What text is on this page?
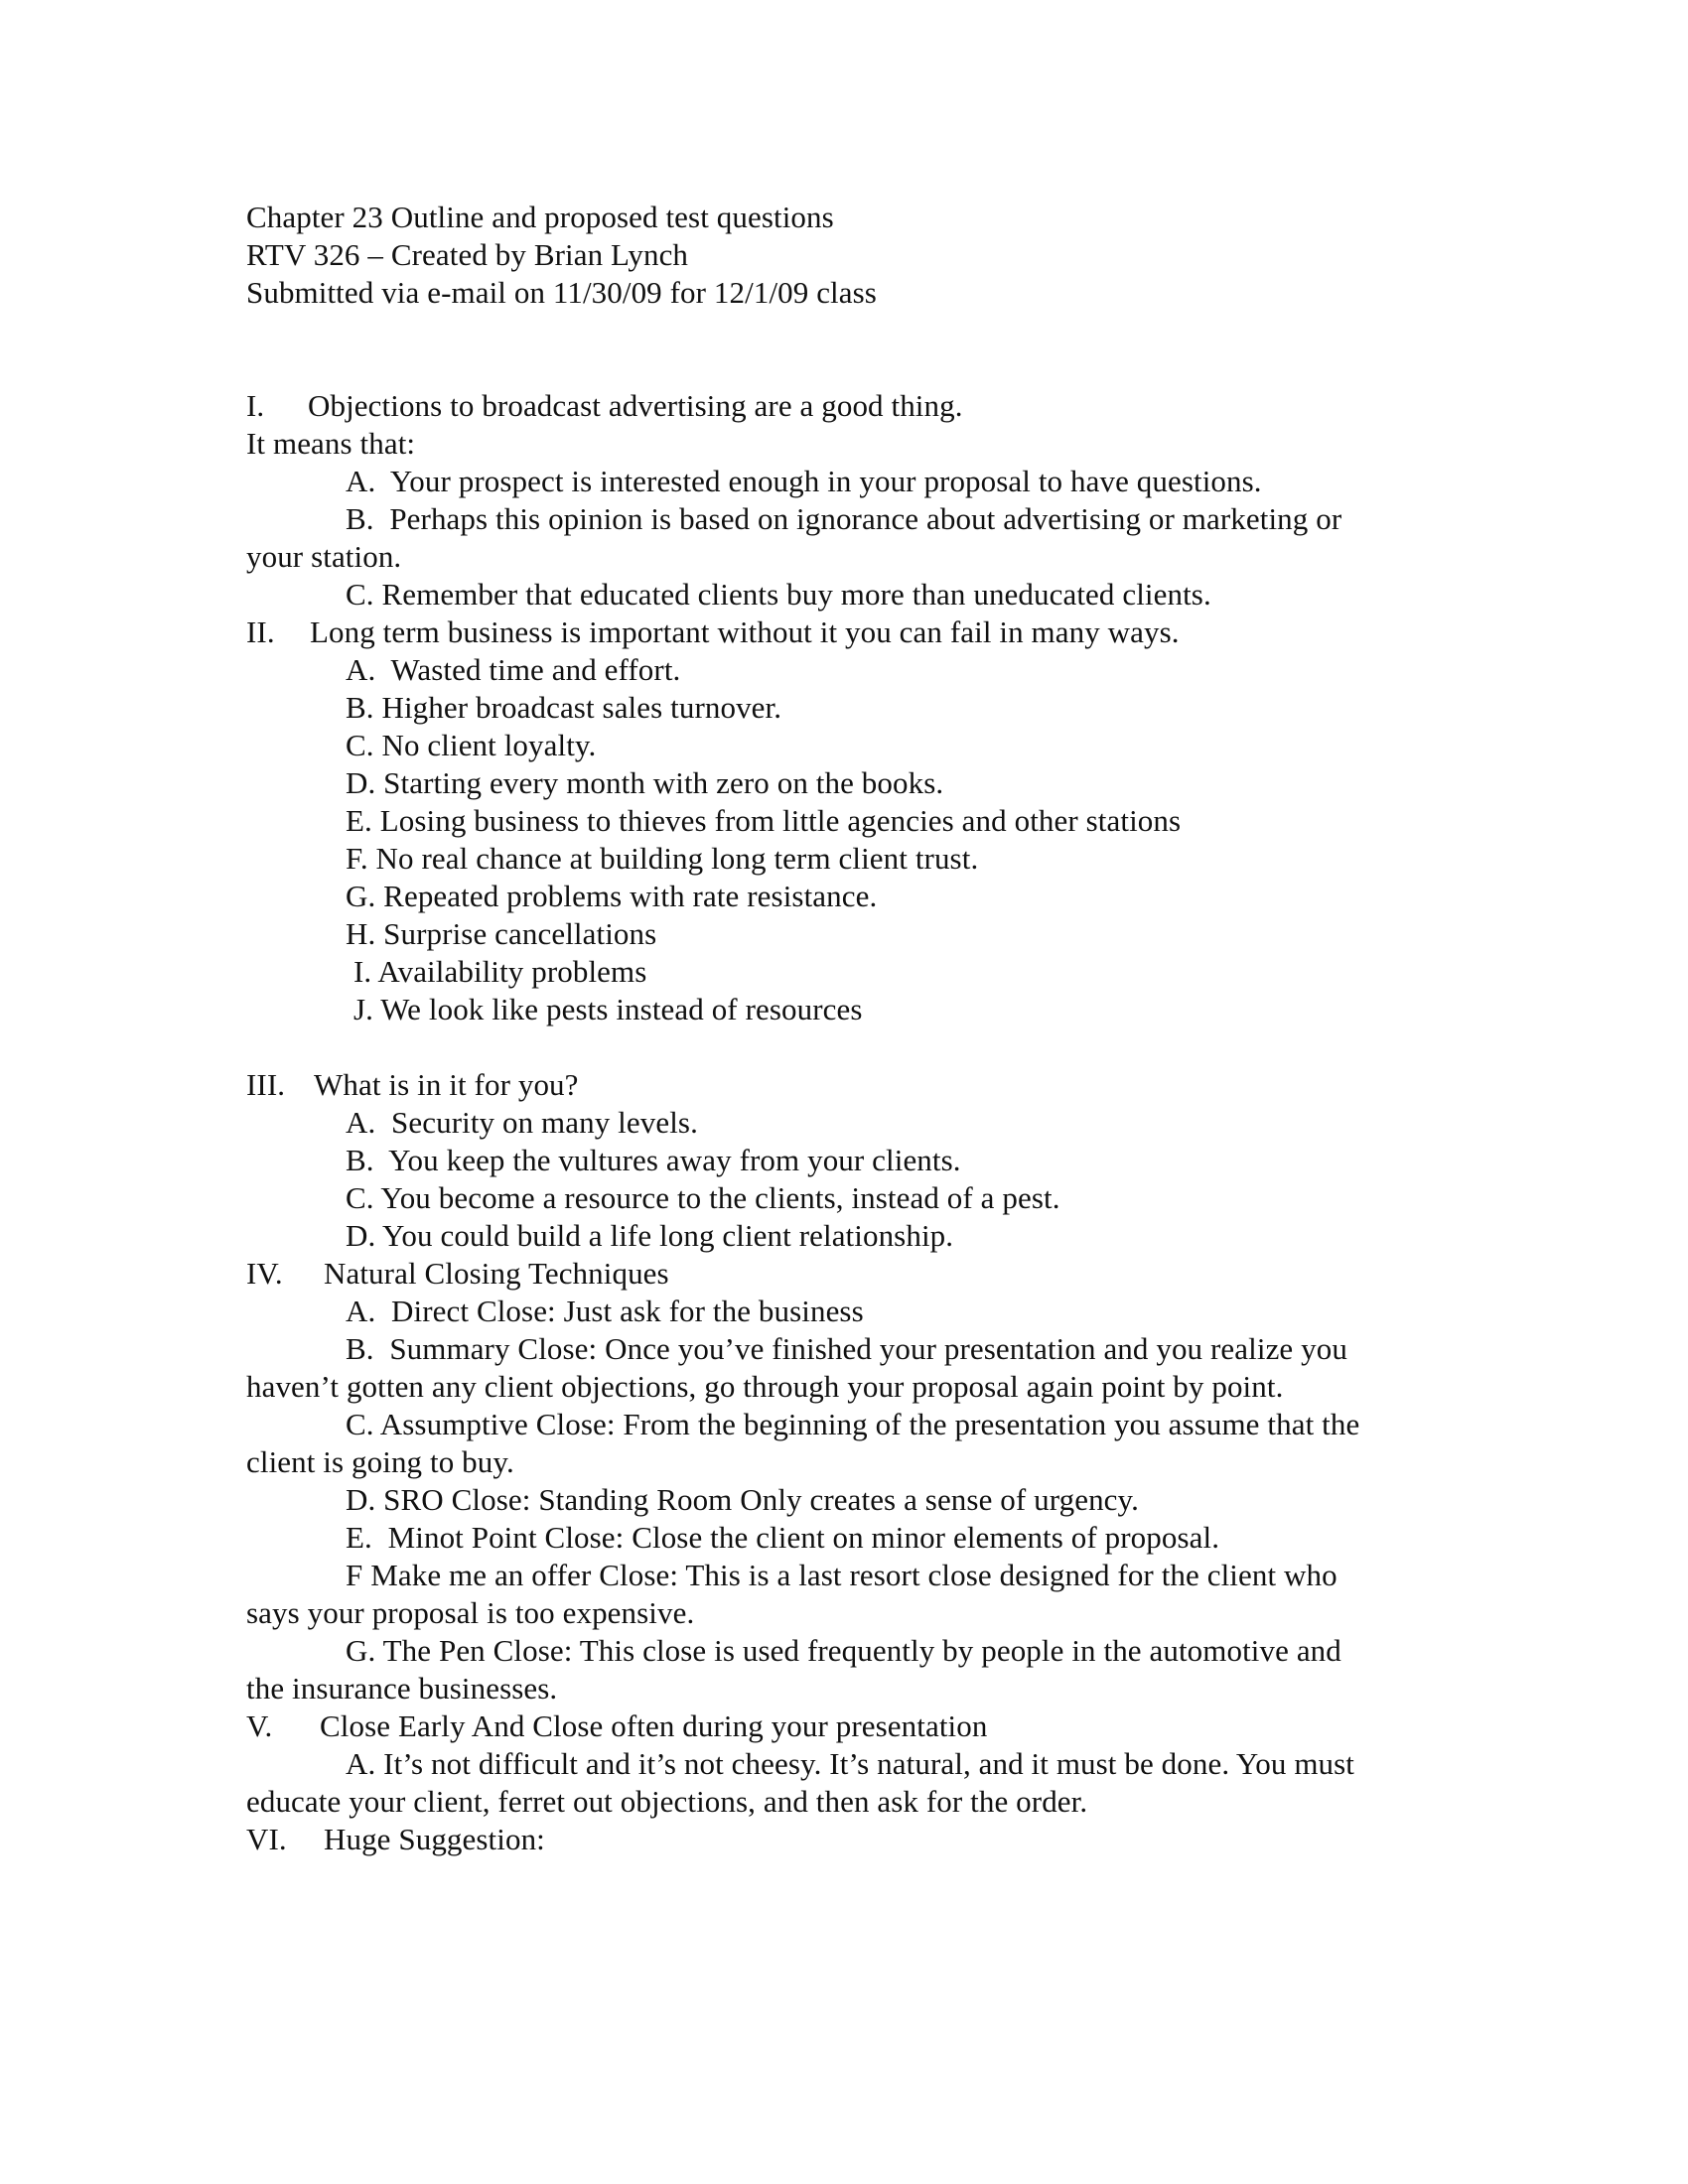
Chapter 23 Outline and proposed test questions
RTV 326 – Created by Brian Lynch
Submitted via e-mail on 11/30/09 for 12/1/09 class
I. Objections to broadcast advertising are a good thing.
It means that:
A.  Your prospect is interested enough in your proposal to have questions.
B.  Perhaps this opinion is based on ignorance about advertising or marketing or
your station.
C. Remember that educated clients buy more than uneducated clients.
II. Long term business is important without it you can fail in many ways.
A.  Wasted time and effort.
B. Higher broadcast sales turnover.
C. No client loyalty.
D. Starting every month with zero on the books.
E. Losing business to thieves from little agencies and other stations
F. No real chance at building long term client trust.
G. Repeated problems with rate resistance.
H. Surprise cancellations
I. Availability problems
J. We look like pests instead of resources
III. What is in it for you?
A.  Security on many levels.
B.  You keep the vultures away from your clients.
C. You become a resource to the clients, instead of a pest.
D. You could build a life long client relationship.
IV. Natural Closing Techniques
A.  Direct Close: Just ask for the business
B.  Summary Close: Once you’ve finished your presentation and you realize you
haven’t gotten any client objections, go through your proposal again point by point.
C. Assumptive Close: From the beginning of the presentation you assume that the
client is going to buy.
D. SRO Close: Standing Room Only creates a sense of urgency.
E.  Minot Point Close: Close the client on minor elements of proposal.
F Make me an offer Close: This is a last resort close designed for the client who
says your proposal is too expensive.
G. The Pen Close: This close is used frequently by people in the automotive and
the insurance businesses.
V. Close Early And Close often during your presentation
A. It’s not difficult and it’s not cheesy. It’s natural, and it must be done. You must
educate your client, ferret out objections, and then ask for the order.
VI. Huge Suggestion:
